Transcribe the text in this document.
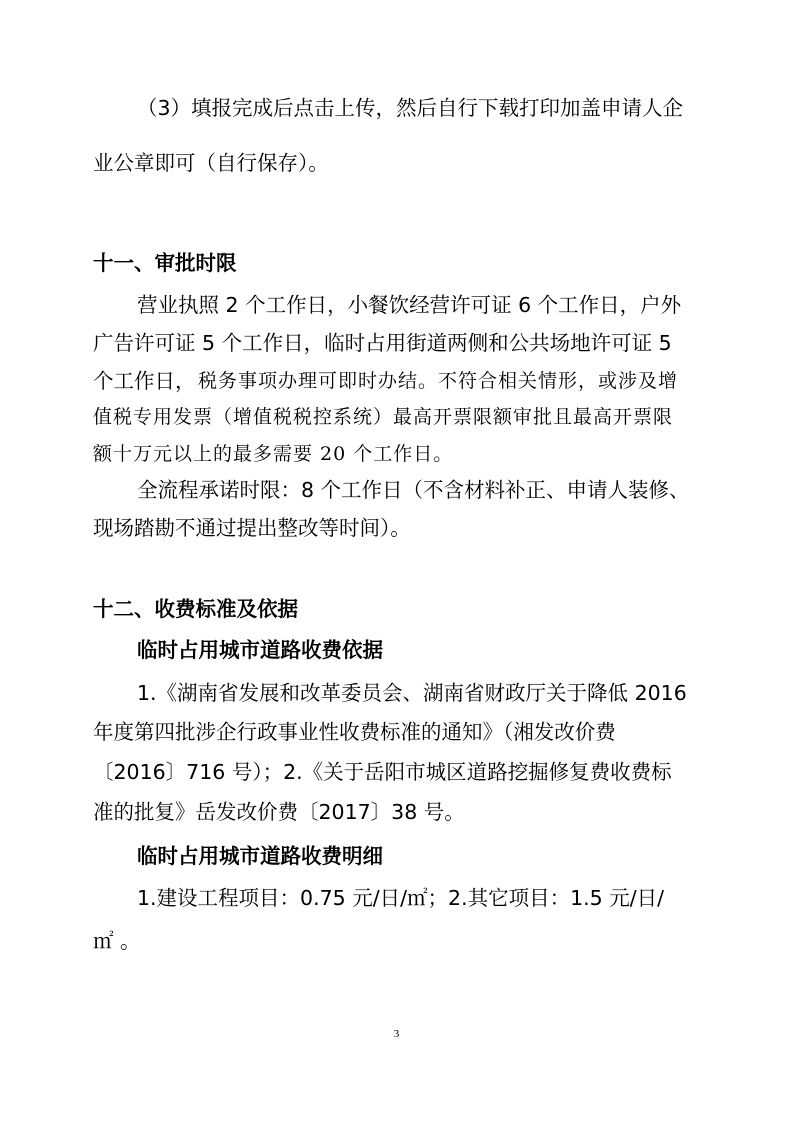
（3）填报完成后点击上传，然后自行下载打印加盖申请人企
业公章即可（自行保存）。
十一、审批时限
营业执照 2 个工作日，小餐饮经营许可证 6 个工作日，户外
广告许可证 5 个工作日，临时占用街道两侧和公共场地许可证 5
个工作日， 税务事项办理可即时办结。不符合相关情形，或涉及增
值税专用发票（增值税税控系统）最高开票限额审批且最高开票限
额十万元以上的最多需要 20 个工作日。
全流程承诺时限：8 个工作日（不含材料补正、申请人装修、
现场踏勘不通过提出整改等时间）。
十二、收费标准及依据
临时占用城市道路收费依据
1.《湖南省发展和改革委员会、湖南省财政厅关于降低 2016
年度第四批涉企行政事业性收费标准的通知》（湘发改价费
〔2016〕716 号）；2.《关于岳阳市城区道路挖掘修复费收费标
准的批复》岳发改价费〔2017〕38 号。
临时占用城市道路收费明细
1.建设工程项目：0.75 元/日/㎡；2.其它项目：1.5 元/日/
㎡ 。
3
